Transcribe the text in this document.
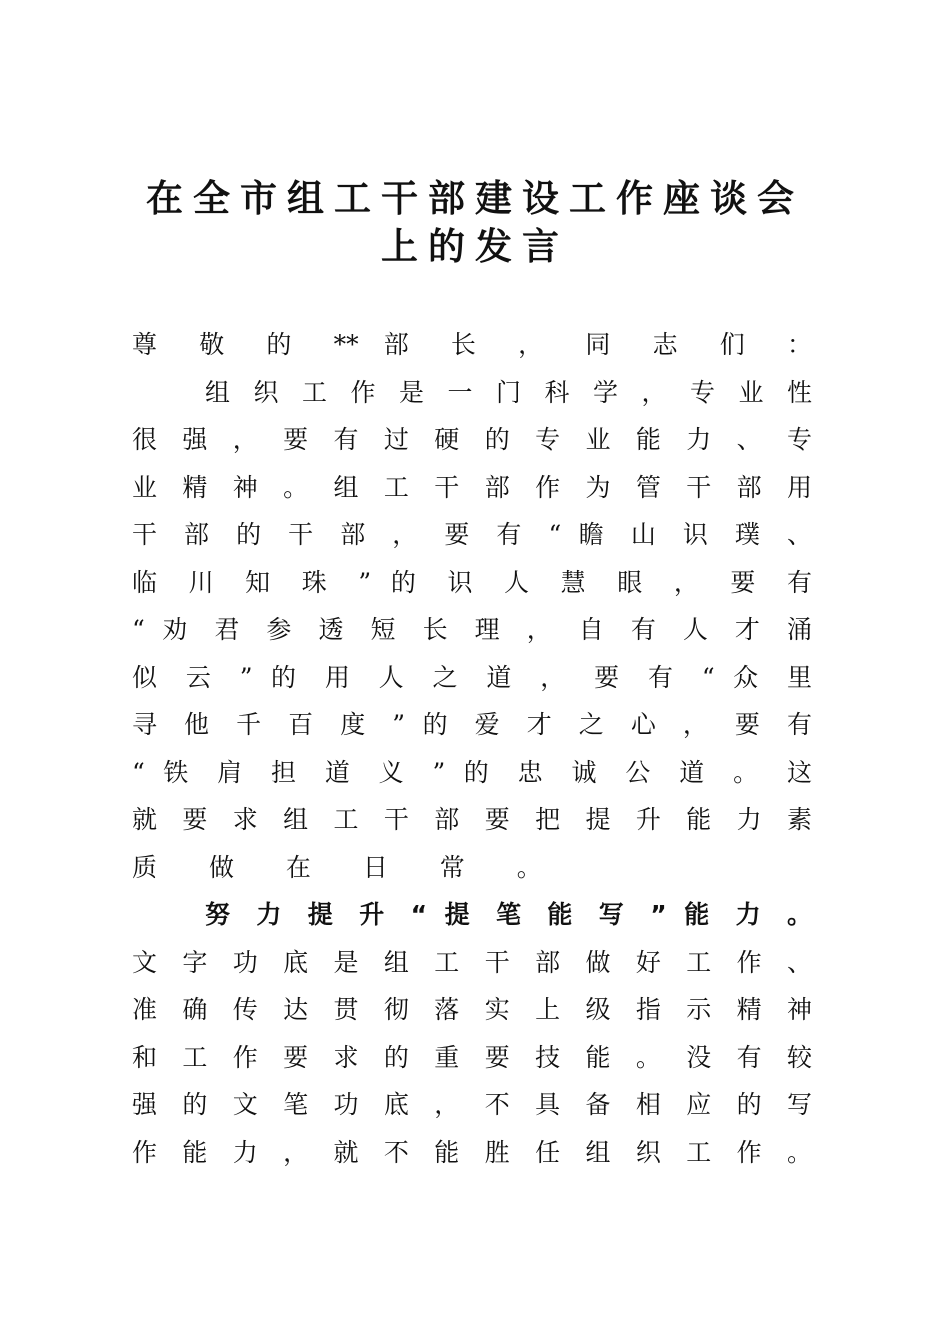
在全市组工干部建设工作座谈会
上的发言
尊 敬 的 ** 部 长 ， 同 志 们 ：
组 织 工 作 是 一 门 科 学 ， 专 业 性
很 强 ， 要 有 过 硬 的 专 业 能 力 、 专
业 精 神 。 组 工 干 部 作 为 管 干 部 用
干 部 的 干 部 ， 要 有 “ 瞻 山 识 璞 、
临 川 知 珠 ” 的 识 人 慧 眼 ， 要 有
“ 劝 君 参 透 短 长 理 ， 自 有 人 才 涌
似 云 ” 的 用 人 之 道 ， 要 有 “ 众 里
寻 他 千 百 度 ” 的 爱 才 之 心 ， 要 有
“ 铁 肩 担 道 义 ” 的 忠 诚 公 道 。 这
就 要 求 组 工 干 部 要 把 提 升 能 力 素
质 做 在 日 常 。
努 力 提 升 “ 提 笔 能 写 ” 能 力 。
文 字 功 底 是 组 工 干 部 做 好 工 作 、
准 确 传 达 贯 彻 落 实 上 级 指 示 精 神
和 工 作 要 求 的 重 要 技 能 。 没 有 较
强 的 文 笔 功 底 ， 不 具 备 相 应 的 写
作 能 力 ， 就 不 能 胜 任 组 织 工 作 。
